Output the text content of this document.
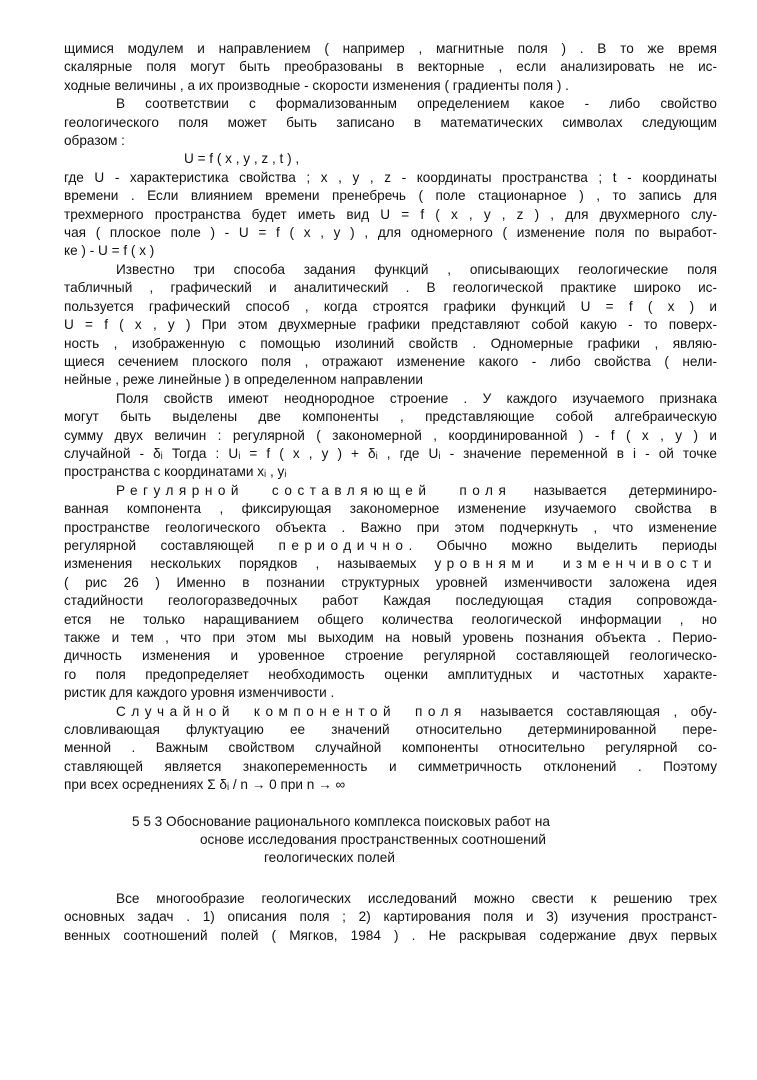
щимися модулем и направлением ( например , магнитные поля ) . В то же время
скалярные поля могут быть преобразованы в векторные , если анализировать не ис-
ходные величины , а их производные - скорости изменения ( градиенты поля ) .
В соответствии с формализованным определением какое - либо свойство
геологического поля может быть записано в математических символах следующим
образом :
U = f ( x , y , z , t ) ,
где U - характеристика свойства ; x , y , z - координаты пространства ; t - координаты
времени . Если влиянием времени пренебречь ( поле стационарное ) , то запись для
трехмерного пространства будет иметь вид U = f ( x , y , z ) , для двухмерного слу-
чая ( плоское поле ) - U = f ( x , y ) , для одномерного ( изменение поля по выработ-
ке ) - U = f ( x )
Известно три способа задания функций , описывающих геологические поля
табличный , графический и аналитический . В геологической практике широко ис-
пользуется графический способ , когда строятся графики функций U = f ( x ) и
U = f ( x , y ) При этом двухмерные графики представляют собой какую - то поверх-
ность , изображенную с помощью изолиний свойств . Одномерные графики , являю-
щиеся сечением плоского поля , отражают изменение какого - либо свойства ( нели-
нейные , реже линейные ) в определенном направлении
Поля свойств имеют неоднородное строение . У каждого изучаемого признака
могут быть выделены две компоненты , представляющие собой алгебраическую
сумму двух величин : регулярной ( закономерной , координированной ) - f ( x , y ) и
случайной - δᵢ Тогда : Uᵢ = f ( x , y ) + δᵢ , где Uᵢ - значение переменной в i - ой точке
пространства с координатами xᵢ , yᵢ
Регулярной составляющей поля называется детерминиро-
ванная компонента , фиксирующая закономерное изменение изучаемого свойства в
пространстве геологического объекта . Важно при этом подчеркнуть , что изменение
регулярной составляющей периодично. Обычно можно выделить периоды
изменения нескольких порядков , называемых уровнями изменчивости
( рис 26 ) Именно в познании структурных уровней изменчивости заложена идея
стадийности геологоразведочных работ Каждая последующая стадия сопровожда-
ется не только наращиванием общего количества геологической информации , но
также и тем , что при этом мы выходим на новый уровень познания объекта . Перио-
дичность изменения и уровенное строение регулярной составляющей геологическо-
го поля предопределяет необходимость оценки амплитудных и частотных характе-
ристик для каждого уровня изменчивости .
Случайной компонентой поля называется составляющая , обу-
словливающая флуктуацию ее значений относительно детерминированной пере-
менной . Важным свойством случайной компоненты относительно регулярной со-
ставляющей является знакопеременность и симметричность отклонений . Поэтому
при всех осреднениях Σ δᵢ / n → 0 при n → ∞
5 5 3 Обоснование рационального комплекса поисковых работ на
основе исследования пространственных соотношений
геологических полей
Все многообразие геологических исследований можно свести к решению трех
основных задач . 1) описания поля ; 2) картирования поля и 3) изучения пространст-
венных соотношений полей ( Мягков, 1984 ) . Не раскрывая содержание двух первых
